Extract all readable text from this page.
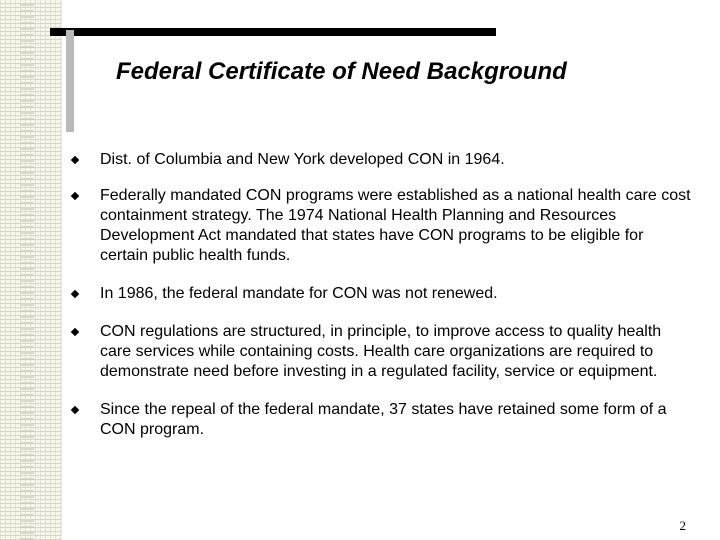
Federal Certificate of Need Background
Dist. of Columbia and New York developed CON in 1964.
Federally mandated CON programs were established as a national health care cost containment strategy. The 1974 National Health Planning and Resources Development Act mandated that states have CON programs to be eligible for certain public health funds.
In 1986, the federal mandate for CON was not renewed.
CON regulations are structured, in principle, to improve access to quality health care services while containing costs. Health care organizations are required to demonstrate need before investing in a regulated facility, service or equipment.
Since the repeal of the federal mandate, 37 states have retained some form of a CON program.
2
